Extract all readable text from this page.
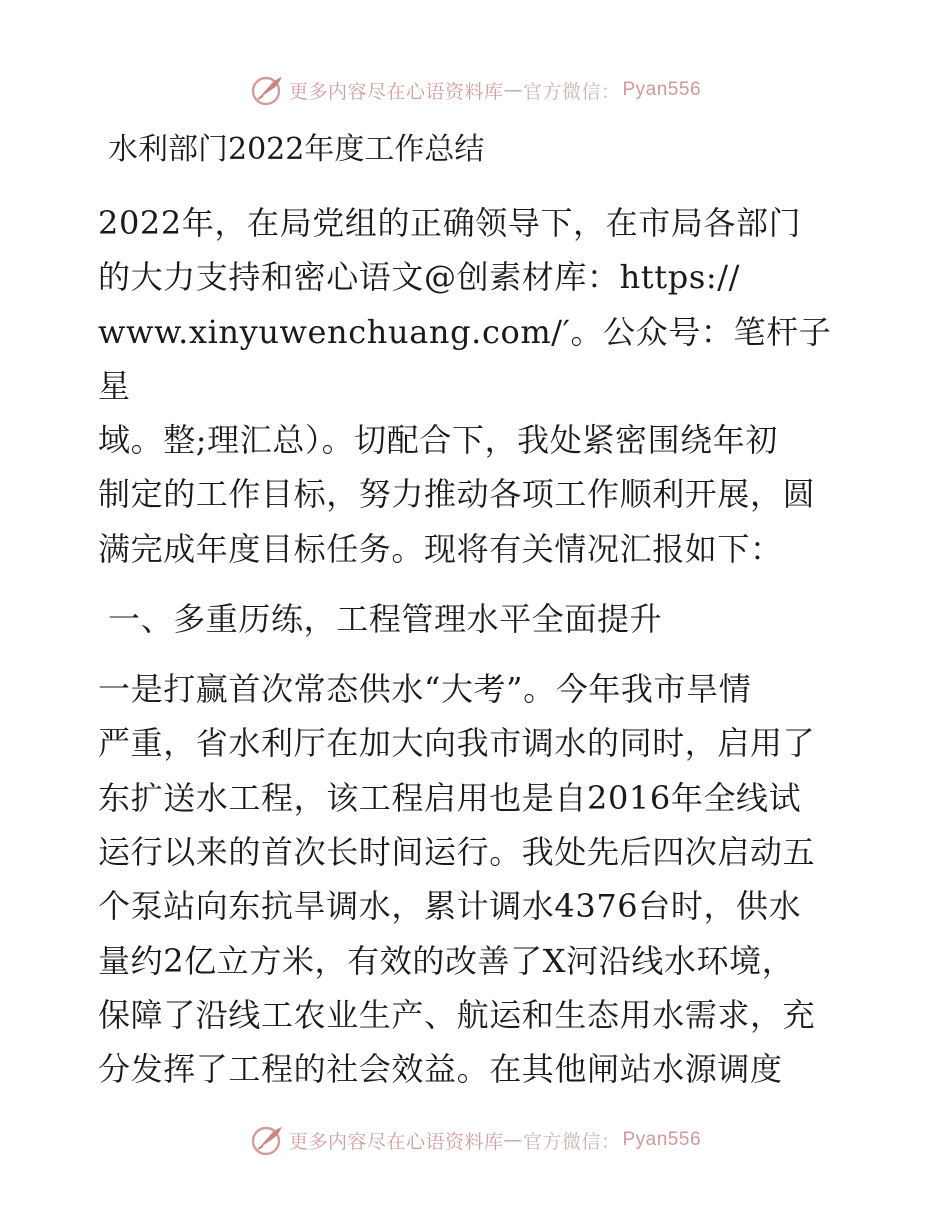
更多内容尽在心语资料库 — 官方微信： Pyan556
水利部门2022年度工作总结

2022年，在局党组的正确领导下，在市局各部门
的大力支持和密心语文@创素材库：https://
www.xinyuwenchuang.com/′。公众号：笔杆子星
域。整;理汇总）。切配合下，我处紧密围绕年初
制定的工作目标，努力推动各项工作顺利开展，圆
满完成年度目标任务。现将有关情况汇报如下：

一、多重历练，工程管理水平全面提升

一是打赢首次常态供水“大考”。今年我市旱情
严重，省水利厅在加大向我市调水的同时，启用了
东扩送水工程，该工程启用也是自2016年全线试
运行以来的首次长时间运行。我处先后四次启动五
个泵站向东抗旱调水，累计调水4376台时，供水
量约2亿立方米，有效的改善了X河沿线水环境，
保障了沿线工农业生产、航运和生态用水需求，充
分发挥了工程的社会效益。在其他闸站水源调度

更多内容尽在心语资料库 — 官方微信： Pyan556
